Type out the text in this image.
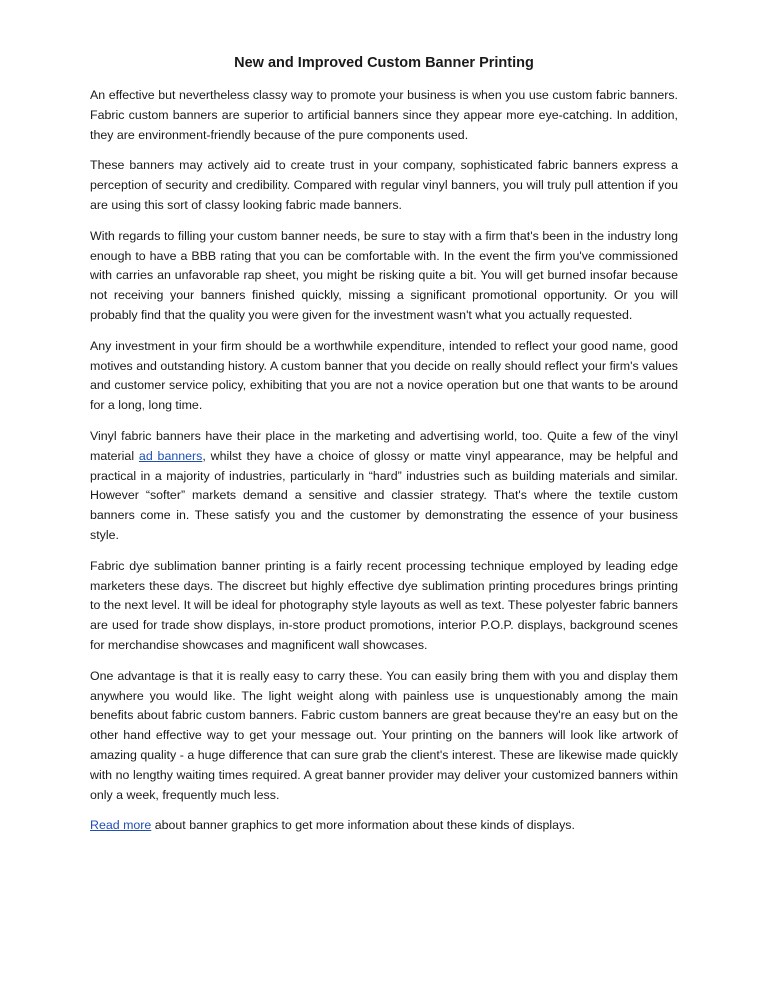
New and Improved Custom Banner Printing

An effective but nevertheless classy way to promote your business is when you use custom fabric banners. Fabric custom banners are superior to artificial banners since they appear more eye-catching. In addition, they are environment-friendly because of the pure components used.

These banners may actively aid to create trust in your company, sophisticated fabric banners express a perception of security and credibility. Compared with regular vinyl banners, you will truly pull attention if you are using this sort of classy looking fabric made banners.

With regards to filling your custom banner needs, be sure to stay with a firm that's been in the industry long enough to have a BBB rating that you can be comfortable with. In the event the firm you've commissioned with carries an unfavorable rap sheet, you might be risking quite a bit. You will get burned insofar because not receiving your banners finished quickly, missing a significant promotional opportunity. Or you will probably find that the quality you were given for the investment wasn't what you actually requested.

Any investment in your firm should be a worthwhile expenditure, intended to reflect your good name, good motives and outstanding history. A custom banner that you decide on really should reflect your firm's values and customer service policy, exhibiting that you are not a novice operation but one that wants to be around for a long, long time.

Vinyl fabric banners have their place in the marketing and advertising world, too. Quite a few of the vinyl material ad banners, whilst they have a choice of glossy or matte vinyl appearance, may be helpful and practical in a majority of industries, particularly in “hard” industries such as building materials and similar. However “softer” markets demand a sensitive and classier strategy. That's where the textile custom banners come in. These satisfy you and the customer by demonstrating the essence of your business style.

Fabric dye sublimation banner printing is a fairly recent processing technique employed by leading edge marketers these days. The discreet but highly effective dye sublimation printing procedures brings printing to the next level. It will be ideal for photography style layouts as well as text. These polyester fabric banners are used for trade show displays, in-store product promotions, interior P.O.P. displays, background scenes for merchandise showcases and magnificent wall showcases.

One advantage is that it is really easy to carry these. You can easily bring them with you and display them anywhere you would like. The light weight along with painless use is unquestionably among the main benefits about fabric custom banners. Fabric custom banners are great because they're an easy but on the other hand effective way to get your message out. Your printing on the banners will look like artwork of amazing quality - a huge difference that can sure grab the client's interest. These are likewise made quickly with no lengthy waiting times required. A great banner provider may deliver your customized banners within only a week, frequently much less.

Read more about banner graphics to get more information about these kinds of displays.
